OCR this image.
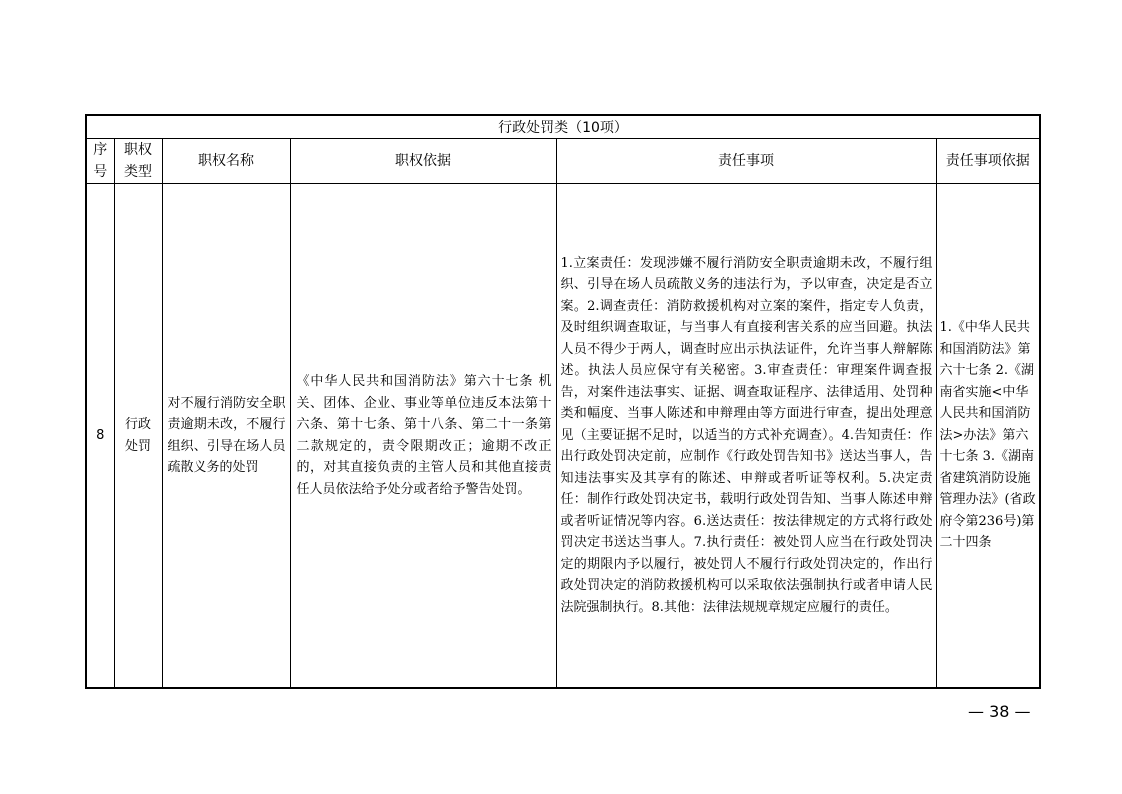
行政处罚类（10项）					

序号	职权类型	职权名称	职权依据	责任事项	责任事项依据
8	行政处罚	对不履行消防安全职责逾期未改，不履行组织、引导在场人员疏散义务的处罚	《中华人民共和国消防法》第六十七条 机关、团体、企业、事业等单位违反本法第十六条、第十七条、第十八条、第二十一条第二款规定的，责令限期改正；逾期不改正的，对其直接负责的主管人员和其他直接责任人员依法给予处分或者给予警告处罚。	1.立案责任：发现涉嫌不履行消防安全职责逾期未改，不履行组织、引导在场人员疏散义务的违法行为，予以审查，决定是否立案。2.调查责任：消防救援机构对立案的案件，指定专人负责，及时组织调查取证，与当事人有直接利害关系的应当回避。执法人员不得少于两人，调查时应出示执法证件，允许当事人辩解陈述。执法人员应保守有关秘密。3.审查责任：审理案件调查报告，对案件违法事实、证据、调查取证程序、法律适用、处罚种类和幅度、当事人陈述和申辩理由等方面进行审查，提出处理意见（主要证据不足时，以适当的方式补充调查）。4.告知责任：作出行政处罚决定前，应制作《行政处罚告知书》送达当事人，告知违法事实及其享有的陈述、申辩或者听证等权利。5.决定责任：制作行政处罚决定书，载明行政处罚告知、当事人陈述申辩或者听证情况等内容。6.送达责任：按法律规定的方式将行政处罚决定书送达当事人。7.执行责任：被处罚人应当在行政处罚决定的期限内予以履行，被处罚人不履行行政处罚决定的，作出行政处罚决定的消防救援机构可以采取依法强制执行或者申请人民法院强制执行。8.其他：法律法规规章规定应履行的责任。	1.《中华人民共和国消防法》第六十七条 2.《湖南省实施<中华人民共和国消防法>办法》第六十七条 3.《湖南省建筑消防设施管理办法》(省政府令第236号)第二十四条
— 38 —
